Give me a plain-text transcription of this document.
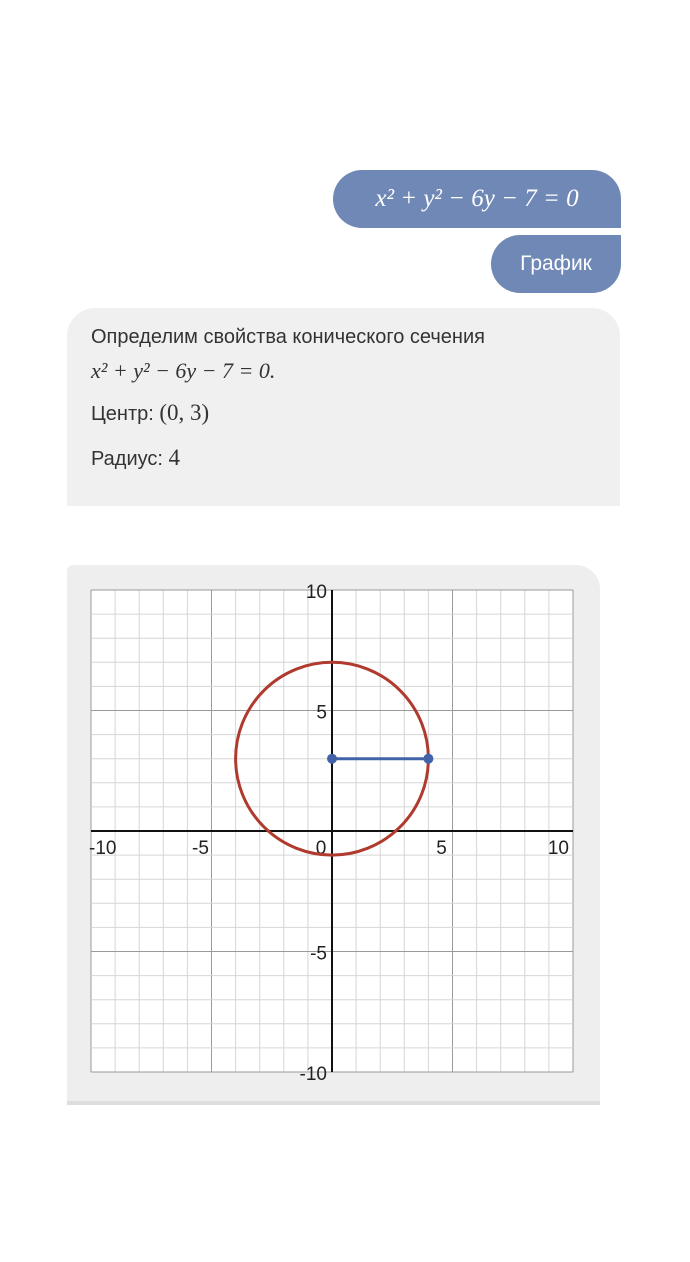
x² + y² − 6y − 7 = 0
График
Определим свойства конического сечения
x² + y² − 6y − 7 = 0.
Центр: (0, 3)
Радиус: 4
-10	-5	0	5	10
10
5
-5
-10
